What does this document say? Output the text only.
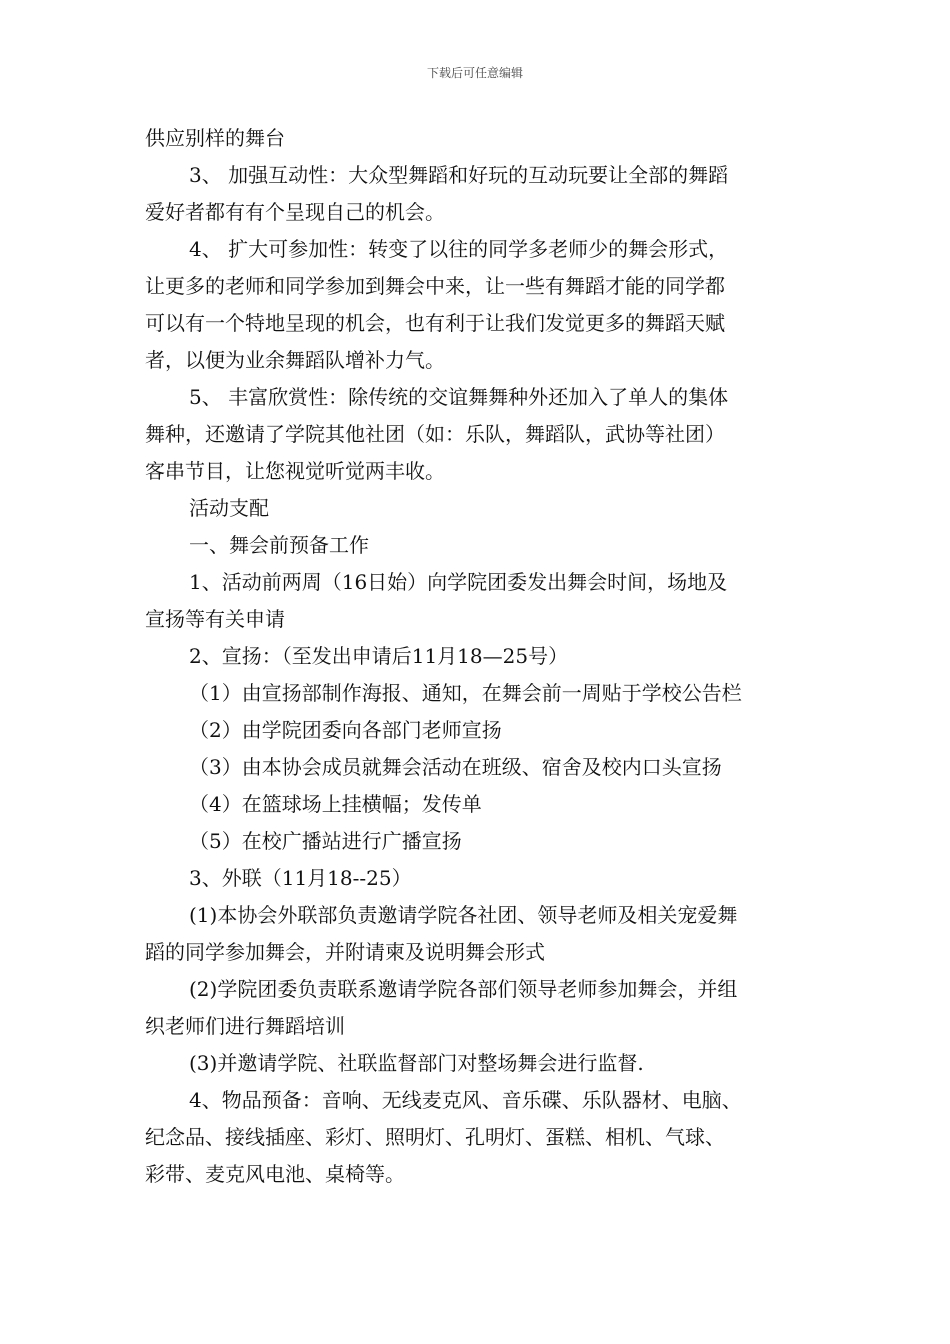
下载后可任意编辑
供应别样的舞台
3、 加强互动性：大众型舞蹈和好玩的互动玩要让全部的舞蹈
爱好者都有有个呈现自己的机会。
4、 扩大可参加性：转变了以往的同学多老师少的舞会形式，
让更多的老师和同学参加到舞会中来，让一些有舞蹈才能的同学都
可以有一个特地呈现的机会，也有利于让我们发觉更多的舞蹈天赋
者，以便为业余舞蹈队增补力气。
5、 丰富欣赏性：除传统的交谊舞舞种外还加入了单人的集体
舞种，还邀请了学院其他社团（如：乐队，舞蹈队，武协等社团）
客串节目，让您视觉听觉两丰收。
活动支配
一、舞会前预备工作
1、活动前两周（16日始）向学院团委发出舞会时间，场地及
宣扬等有关申请
2、宣扬：（至发出申请后11月18—25号）
（1）由宣扬部制作海报、通知，在舞会前一周贴于学校公告栏
（2）由学院团委向各部门老师宣扬
（3）由本协会成员就舞会活动在班级、宿舍及校内口头宣扬
（4）在篮球场上挂横幅；发传单
（5）在校广播站进行广播宣扬
3、外联（11月18--25）
(1)本协会外联部负责邀请学院各社团、领导老师及相关宠爱舞
蹈的同学参加舞会，并附请柬及说明舞会形式
(2)学院团委负责联系邀请学院各部们领导老师参加舞会，并组
织老师们进行舞蹈培训
(3)并邀请学院、社联监督部门对整场舞会进行监督.
4、物品预备：音响、无线麦克风、音乐碟、乐队器材、电脑、
纪念品、接线插座、彩灯、照明灯、孔明灯、蛋糕、相机、气球、
彩带、麦克风电池、桌椅等。
